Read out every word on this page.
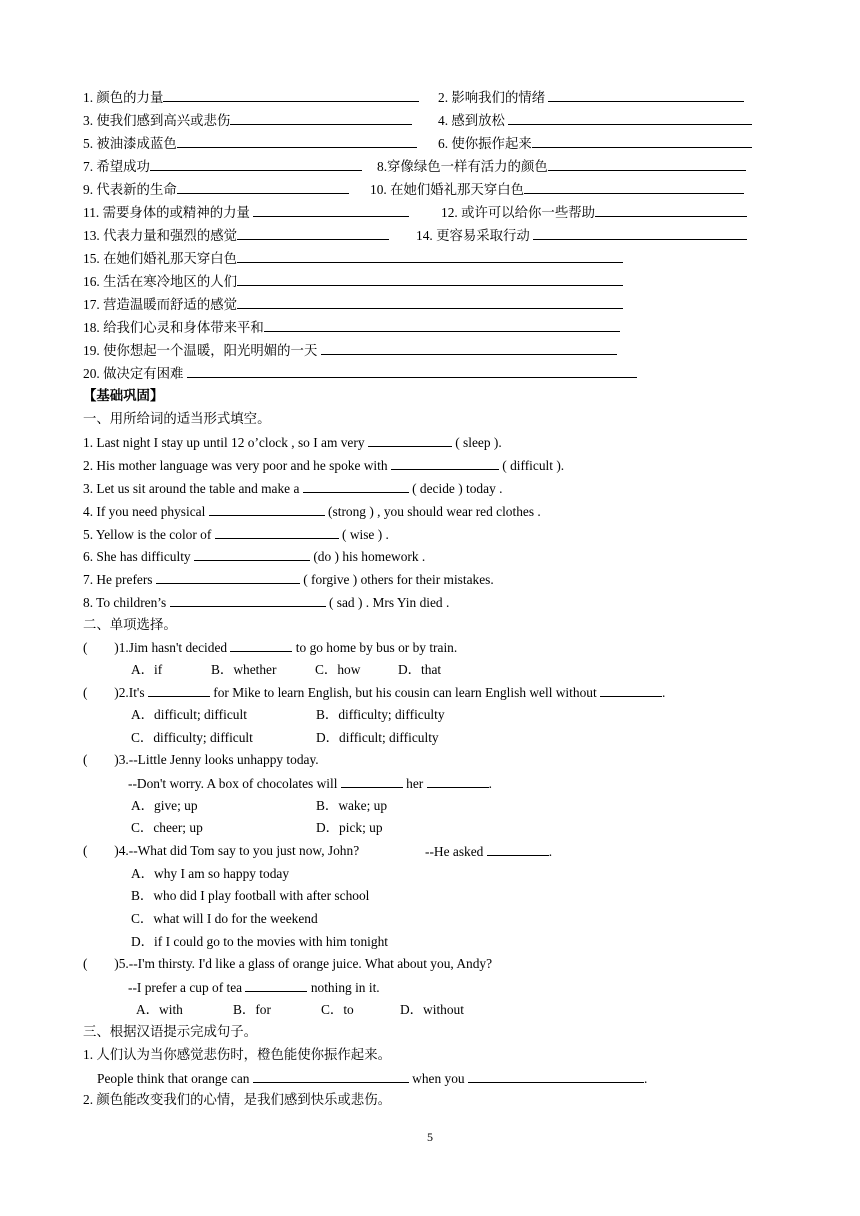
1. 颜色的力量	2. 影响我们的情绪
3. 使我们感到高兴或悲伤	4. 感到放松
5. 被油漆成蓝色	6. 使你振作起来
7. 希望成功	8.穿像绿色一样有活力的颜色
9. 代表新的生命	10. 在她们婚礼那天穿白色
11. 需要身体的或精神的力量	12. 或许可以给你一些帮助
13. 代表力量和强烈的感觉	14. 更容易采取行动
15. 在她们婚礼那天穿白色
16. 生活在寒冷地区的人们
17. 营造温暖而舒适的感觉
18. 给我们心灵和身体带来平和
19. 使你想起一个温暖，阳光明媚的一天
20. 做决定有困难
【基础巩固】
一、用所给词的适当形式填空。
1. Last night I stay up until 12 o’clock , so I am very	( sleep ).
2. His mother language was very poor and he spoke with	( difficult ).
3. Let us sit around the table and make a	( decide ) today .
4. If you need physical	(strong ) , you should wear red clothes .
5. Yellow is the color of	( wise ) .
6. She has difficulty	(do ) his homework .
7. He prefers	( forgive ) others for their mistakes.
8. To children’s	( sad ) . Mrs Yin died .
二、单项选择。
(        )1.Jim hasn't decided	to go home by bus or by train.
A．if	B．whether	C．how	D．that
(        )2.It's	for Mike to learn English, but his cousin can learn English well without	.
A．difficult; difficult	B．difficulty; difficulty
C．difficulty; difficult	D．difficult; difficulty
(        )3.--Little Jenny looks unhappy today.
--Don't worry. A box of chocolates will	her	.
A．give; up	B．wake; up
C．cheer; up	D．pick; up
(        )4.--What did Tom say to you just now, John?	--He asked	.
A．why I am so happy today
B．who did I play football with after school
C．what will I do for the weekend
D．if I could go to the movies with him tonight
(        )5.--I'm thirsty. I'd like a glass of orange juice. What about you, Andy?
--I prefer a cup of tea	nothing in it.
A．with	B．for	C．to	D．without
三、根据汉语提示完成句子。
1. 人们认为当你感觉悲伤时，橙色能使你振作起来。
People think that orange can	when you	.
2. 颜色能改变我们的心情，是我们感到快乐或悲伤。
5
